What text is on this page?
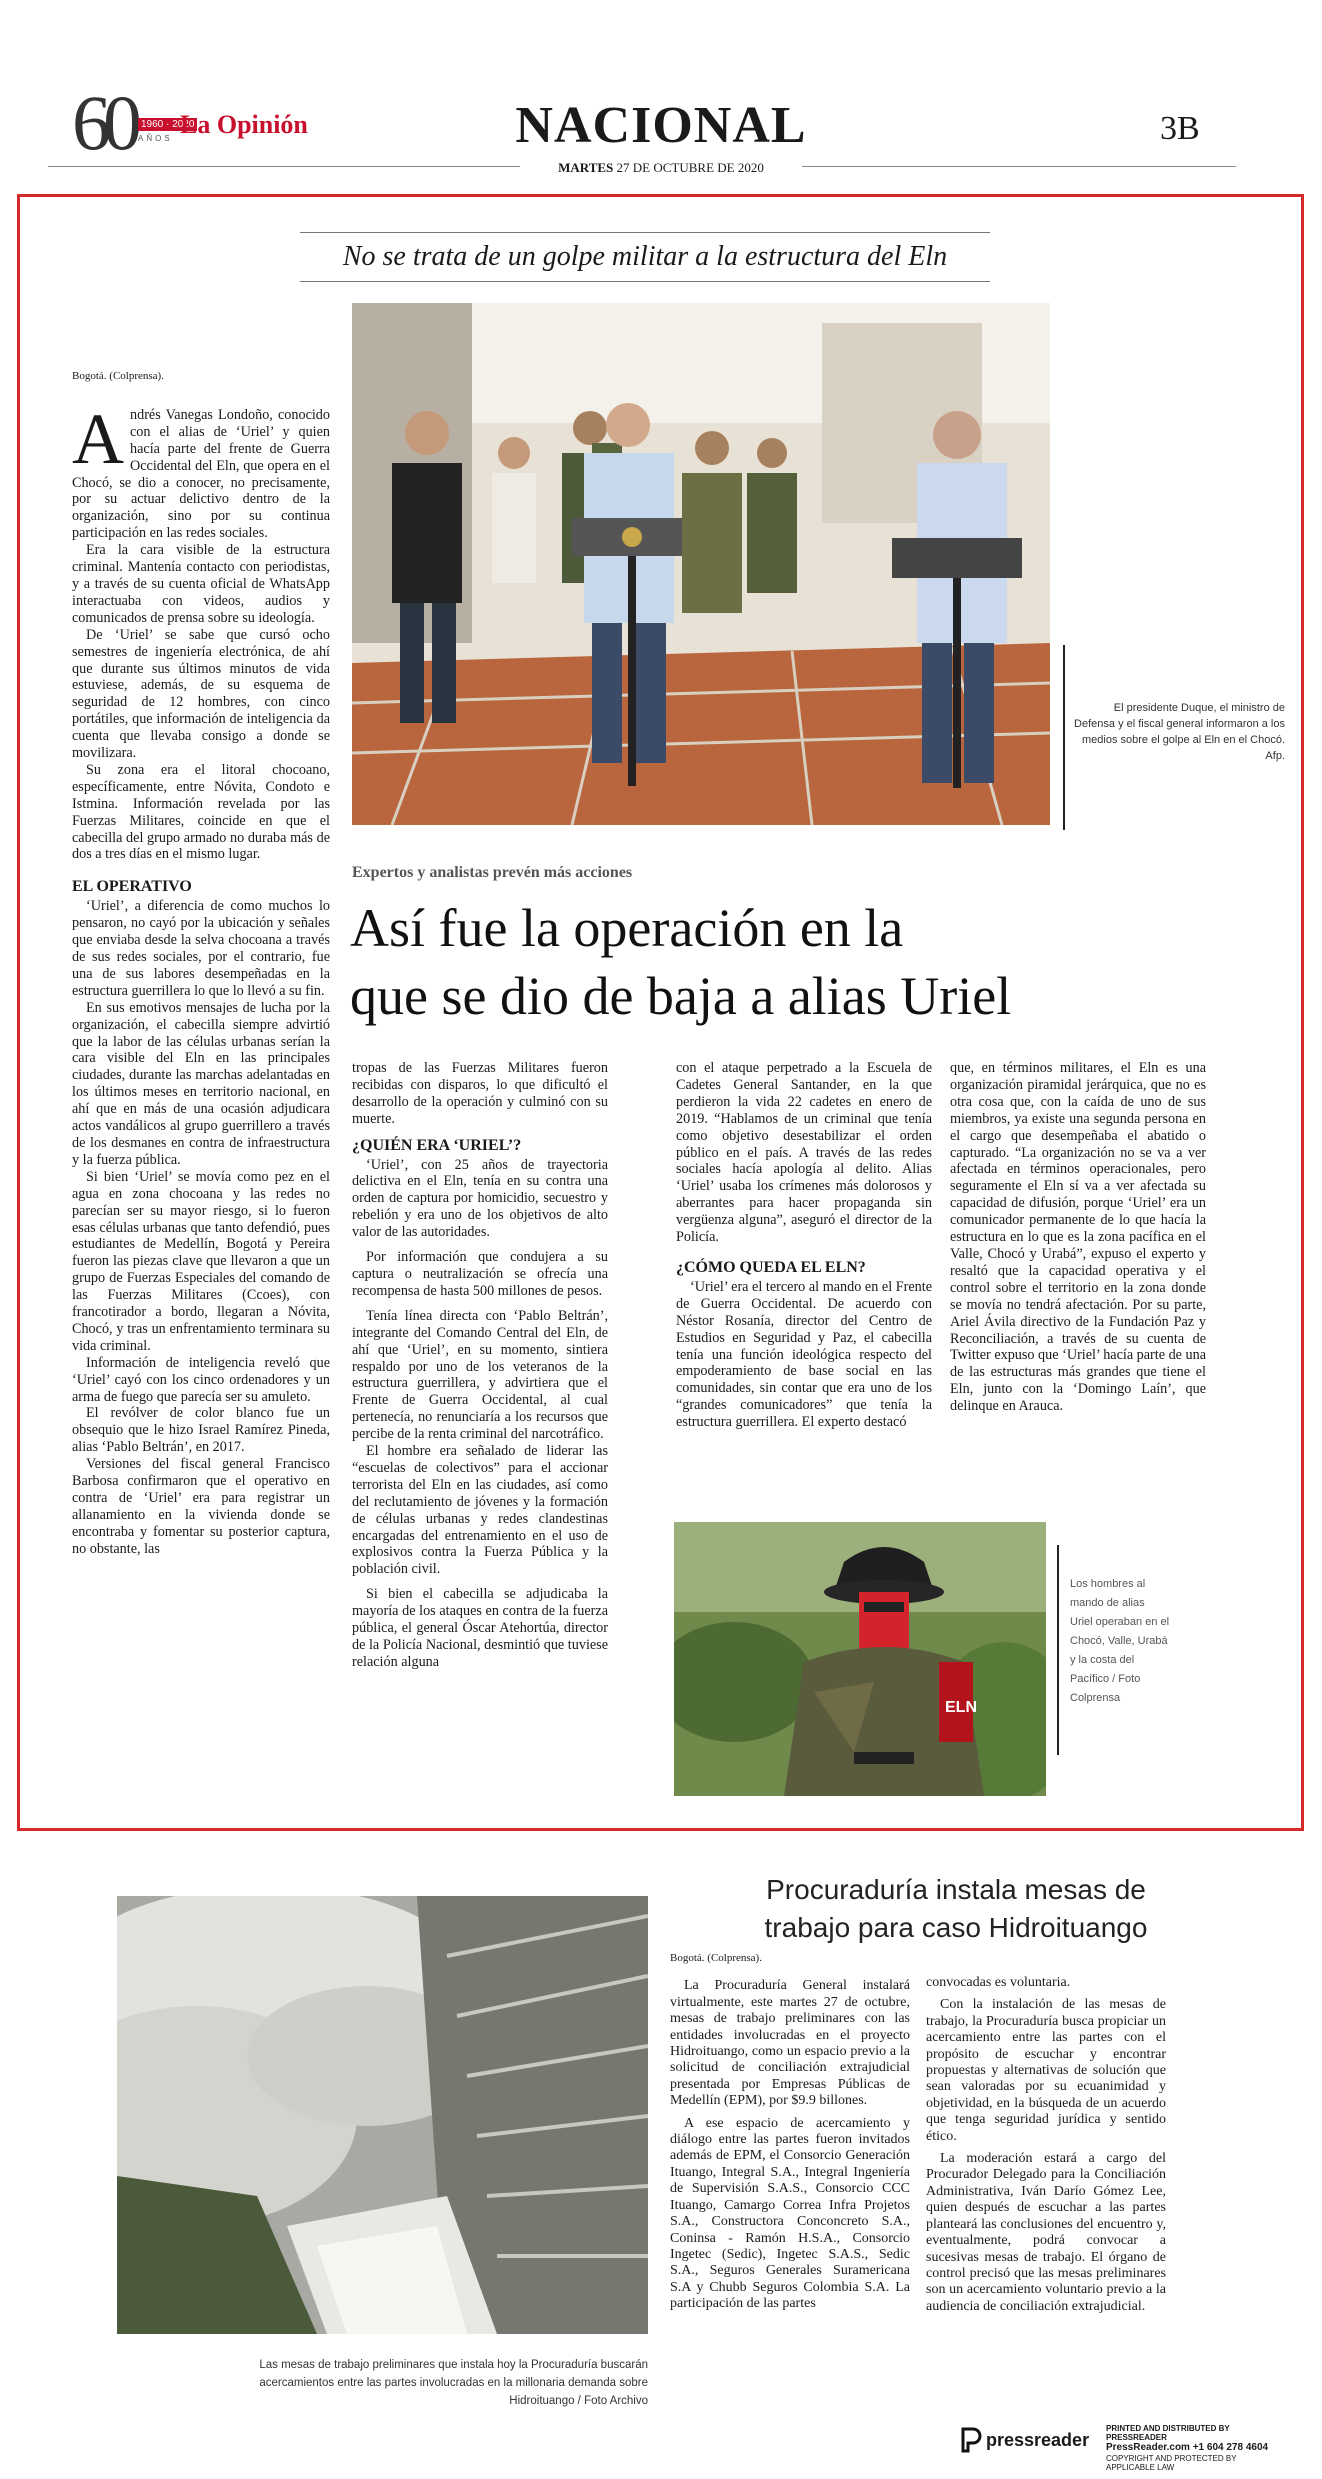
60 1960 · 2020
AÑOS La Opinión	NACIONAL	3B
MARTES 27 DE OCTUBRE DE 2020
No se trata de un golpe militar a la estructura del Eln
El presidente Duque, el ministro de Defensa y el fiscal general informaron a los medios sobre el golpe al Eln en el Chocó. Afp.
Expertos y analistas prevén más acciones
Así fue la operación en la
que se dio de baja a alias Uriel
Bogotá. (Colprensa).

Andrés Vanegas Londoño, conocido con el alias de ‘Uriel’ y quien hacía parte del frente de Guerra Occidental del Eln, que opera en el Chocó, se dio a conocer, no precisamente, por su actuar delictivo dentro de la organización, sino por su continua participación en las redes sociales.

Era la cara visible de la estructura criminal. Mantenía contacto con periodistas, y a través de su cuenta oficial de WhatsApp interactuaba con videos, audios y comunicados de prensa sobre su ideología.

De ‘Uriel’ se sabe que cursó ocho semestres de ingeniería electrónica, de ahí que durante sus últimos minutos de vida estuviese, además, de su esquema de seguridad de 12 hombres, con cinco portátiles, que información de inteligencia da cuenta que llevaba consigo a donde se movilizara.

Su zona era el litoral chocoano, específicamente, entre Nóvita, Condoto e Istmina. Información revelada por las Fuerzas Militares, coincide en que el cabecilla del grupo armado no duraba más de dos a tres días en el mismo lugar.

EL OPERATIVO

‘Uriel’, a diferencia de como muchos lo pensaron, no cayó por la ubicación y señales que enviaba desde la selva chocoana a través de sus redes sociales, por el contrario, fue una de sus labores desempeñadas en la estructura guerrillera lo que lo llevó a su fin.

En sus emotivos mensajes de lucha por la organización, el cabecilla siempre advirtió que la labor de las células urbanas serían la cara visible del Eln en las principales ciudades, durante las marchas adelantadas en los últimos meses en territorio nacional, en ahí que en más de una ocasión adjudicara actos vandálicos al grupo guerrillero a través de los desmanes en contra de infraestructura y la fuerza pública.

Si bien ‘Uriel’ se movía como pez en el agua en zona chocoana y las redes no parecían ser su mayor riesgo, si lo fueron esas células urbanas que tanto defendió, pues estudiantes de Medellín, Bogotá y Pereira fueron las piezas clave que llevaron a que un grupo de Fuerzas Especiales del comando de las Fuerzas Militares (Ccoes), con francotirador a bordo, llegaran a Nóvita, Chocó, y tras un enfrentamiento terminara su vida criminal.

Información de inteligencia reveló que ‘Uriel’ cayó con los cinco ordenadores y un arma de fuego que parecía ser su amuleto.

El revólver de color blanco fue un obsequio que le hizo Israel Ramírez Pineda, alias ‘Pablo Beltrán’, en 2017.

Versiones del fiscal general Francisco Barbosa confirmaron que el operativo en contra de ‘Uriel’ era para registrar un allanamiento en la vivienda donde se encontraba y fomentar su posterior captura, no obstante, las

tropas de las Fuerzas Militares fueron recibidas con disparos, lo que dificultó el desarrollo de la operación y culminó con su muerte.

¿QUIÉN ERA ‘URIEL’?

‘Uriel’, con 25 años de trayectoria delictiva en el Eln, tenía en su contra una orden de captura por homicidio, secuestro y rebelión y era uno de los objetivos de alto valor de las autoridades.

Por información que condujera a su captura o neutralización se ofrecía una recompensa de hasta 500 millones de pesos.

Tenía línea directa con ‘Pablo Beltrán’, integrante del Comando Central del Eln, de ahí que ‘Uriel’, en su momento, sintiera respaldo por uno de los veteranos de la estructura guerrillera, y advirtiera que el Frente de Guerra Occidental, al cual pertenecía, no renunciaría a los recursos que percibe de la renta criminal del narcotráfico.

El hombre era señalado de liderar las “escuelas de colectivos” para el accionar terrorista del Eln en las ciudades, así como del reclutamiento de jóvenes y la formación de células urbanas y redes clandestinas encargadas del entrenamiento en el uso de explosivos contra la Fuerza Pública y la población civil.

Si bien el cabecilla se adjudicaba la mayoría de los ataques en contra de la fuerza pública, el general Óscar Atehortúa, director de la Policía Nacional, desmintió que tuviese relación alguna

con el ataque perpetrado a la Escuela de Cadetes General Santander, en la que perdieron la vida 22 cadetes en enero de 2019. “Hablamos de un criminal que tenía como objetivo desestabilizar el orden público en el país. A través de las redes sociales hacía apología al delito. Alias ‘Uriel’ usaba los crímenes más dolorosos y aberrantes para hacer propaganda sin vergüenza alguna”, aseguró el director de la Policía.

¿CÓMO QUEDA EL ELN?

‘Uriel’ era el tercero al mando en el Frente de Guerra Occidental. De acuerdo con Néstor Rosanía, director del Centro de Estudios en Seguridad y Paz, el cabecilla tenía una función ideológica respecto del empoderamiento de base social en las comunidades, sin contar que era uno de los “grandes comunicadores” que tenía la estructura guerrillera. El experto destacó

que, en términos militares, el Eln es una organización piramidal jerárquica, que no es otra cosa que, con la caída de uno de sus miembros, ya existe una segunda persona en el cargo que desempeñaba el abatido o capturado. “La organización no se va a ver afectada en términos operacionales, pero seguramente el Eln sí va a ver afectada su capacidad de difusión, porque ‘Uriel’ era un comunicador permanente de lo que hacía la estructura en lo que es la zona pacífica en el Valle, Chocó y Urabá”, expuso el experto y resaltó que la capacidad operativa y el control sobre el territorio en la zona donde se movía no tendrá afectación. Por su parte, Ariel Ávila directivo de la Fundación Paz y Reconciliación, a través de su cuenta de Twitter expuso que ‘Uriel’ hacía parte de una de las estructuras más grandes que tiene el Eln, junto con la ‘Domingo Laín’, que delinque en Arauca.

ELN
Los hombres al mando de alias Uriel operaban en el Chocó, Valle, Urabá y la costa del Pacífico / Foto Colprensa
Las mesas de trabajo preliminares que instala hoy la Procuraduría buscarán acercamientos entre las partes involucradas en la millonaria demanda sobre Hidroituango / Foto Archivo
Procuraduría instala mesas de
trabajo para caso Hidroituango
Bogotá. (Colprensa).

La Procuraduría General instalará virtualmente, este martes 27 de octubre, mesas de trabajo preliminares con las entidades involucradas en el proyecto Hidroituango, como un espacio previo a la solicitud de conciliación extrajudicial presentada por Empresas Públicas de Medellín (EPM), por $9.9 billones.

A ese espacio de acercamiento y diálogo entre las partes fueron invitados además de EPM, el Consorcio Generación Ituango, Integral S.A., Integral Ingeniería de Supervisión S.A.S., Consorcio CCC Ituango, Camargo Correa Infra Projetos S.A., Constructora Conconcreto S.A., Coninsa - Ramón H.S.A., Consorcio Ingetec (Sedic), Ingetec S.A.S., Sedic S.A., Seguros Generales Suramericana S.A y Chubb Seguros Colombia S.A. La participación de las partes

convocadas es voluntaria.

Con la instalación de las mesas de trabajo, la Procuraduría busca propiciar un acercamiento entre las partes con el propósito de escuchar y encontrar propuestas y alternativas de solución que sean valoradas por su ecuanimidad y objetividad, en la búsqueda de un acuerdo que tenga seguridad jurídica y sentido ético.

La moderación estará a cargo del Procurador Delegado para la Conciliación Administrativa, Iván Darío Gómez Lee, quien después de escuchar a las partes planteará las conclusiones del encuentro y, eventualmente, podrá convocar a sucesivas mesas de trabajo. El órgano de control precisó que las mesas preliminares son un acercamiento voluntario previo a la audiencia de conciliación extrajudicial.

pressreader
PRINTED AND DISTRIBUTED BY PRESSREADER
PressReader.com +1 604 278 4604
COPYRIGHT AND PROTECTED BY APPLICABLE LAW
